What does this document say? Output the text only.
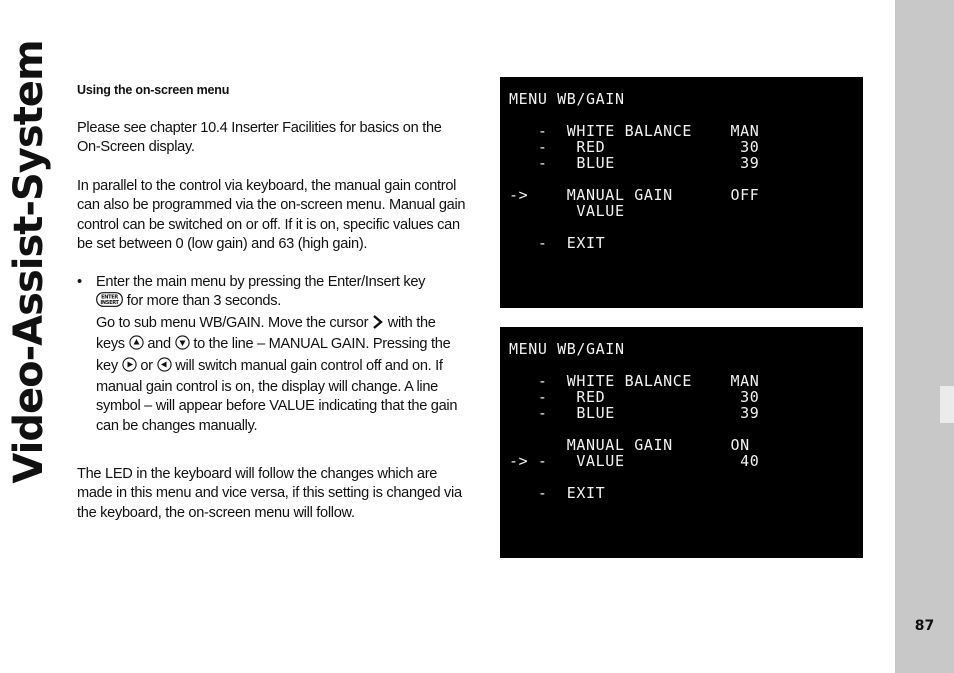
Using the on-screen menu
Please see chapter 10.4 Inserter Facilities for basics on the On-Screen display.
In parallel to the control via keyboard, the manual gain control can also be programmed via the on-screen menu. Manual gain control can be switched on or off. If it is on, specific values can be set between 0 (low gain) and 63 (high gain).
• Enter the main menu by pressing the Enter/Insert key

ENTER
INSERT for more than 3 seconds.
Go to sub menu WB/GAIN. Move the cursor with the keys and to the line – MANUAL GAIN. Pressing the key or will switch manual gain control off and on. If manual gain control is on, the display will change. A line symbol – will appear before VALUE indicating that the gain can be changes manually.
The LED in the keyboard will follow the changes which are made in this menu and vice versa, if this setting is changed via the keyboard, the on-screen menu will follow.
MENU WB/GAIN
-  WHITE BALANCE    MAN
-   RED              30
-   BLUE             39
->    MANUAL GAIN      OFF
VALUE
-  EXIT
MENU WB/GAIN
-  WHITE BALANCE    MAN
-   RED              30
-   BLUE             39
MANUAL GAIN      ON
-> -   VALUE            40
-  EXIT
Video-Assist-System
87
